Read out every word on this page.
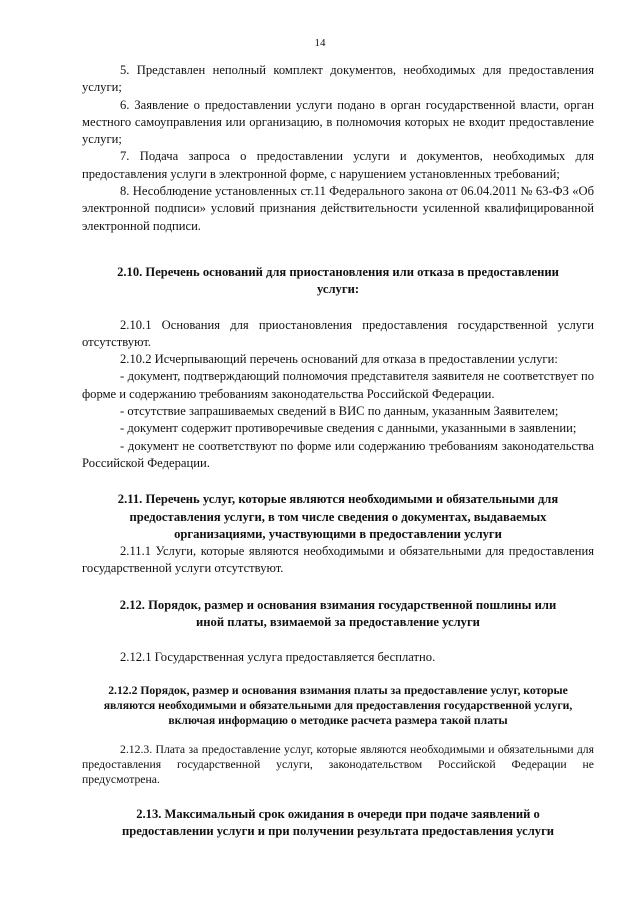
14

5. Представлен неполный комплект документов, необходимых для предоставления услуги;

6. Заявление о предоставлении услуги подано в орган государственной власти, орган местного самоуправления или организацию, в полномочия которых не входит предоставление услуги;

7. Подача запроса о предоставлении услуги и документов, необходимых для предоставления услуги в электронной форме, с нарушением установленных требований;

8. Несоблюдение установленных ст.11 Федерального закона от 06.04.2011 № 63-ФЗ «Об электронной подписи» условий признания действительности усиленной квалифицированной электронной подписи.

2.10. Перечень оснований для приостановления или отказа в предоставлении услуги:

2.10.1 Основания для приостановления предоставления государственной услуги отсутствуют.

2.10.2 Исчерпывающий перечень оснований для отказа в предоставлении услуги:

- документ, подтверждающий полномочия представителя заявителя не соответствует по форме и содержанию требованиям законодательства Российской Федерации.

- отсутствие запрашиваемых сведений в ВИС по данным, указанным Заявителем;

- документ содержит противоречивые сведения с данными, указанными в заявлении;

- документ не соответствуют по форме или содержанию требованиям законодательства Российской Федерации.

2.11. Перечень услуг, которые являются необходимыми и обязательными для предоставления услуги, в том числе сведения о документах, выдаваемых организациями, участвующими в предоставлении услуги

2.11.1 Услуги, которые являются необходимыми и обязательными для предоставления государственной услуги отсутствуют.

2.12. Порядок, размер и основания взимания государственной пошлины или иной платы, взимаемой за предоставление услуги

2.12.1 Государственная услуга предоставляется бесплатно.

2.12.2 Порядок, размер и основания взимания платы за предоставление услуг, которые являются необходимыми и обязательными для предоставления государственной услуги, включая информацию о методике расчета размера такой платы

2.12.3. Плата за предоставление услуг, которые являются необходимыми и обязательными для предоставления государственной услуги, законодательством Российской Федерации не предусмотрена.

2.13. Максимальный срок ожидания в очереди при подаче заявлений о предоставлении услуги и при получении результата предоставления услуги
